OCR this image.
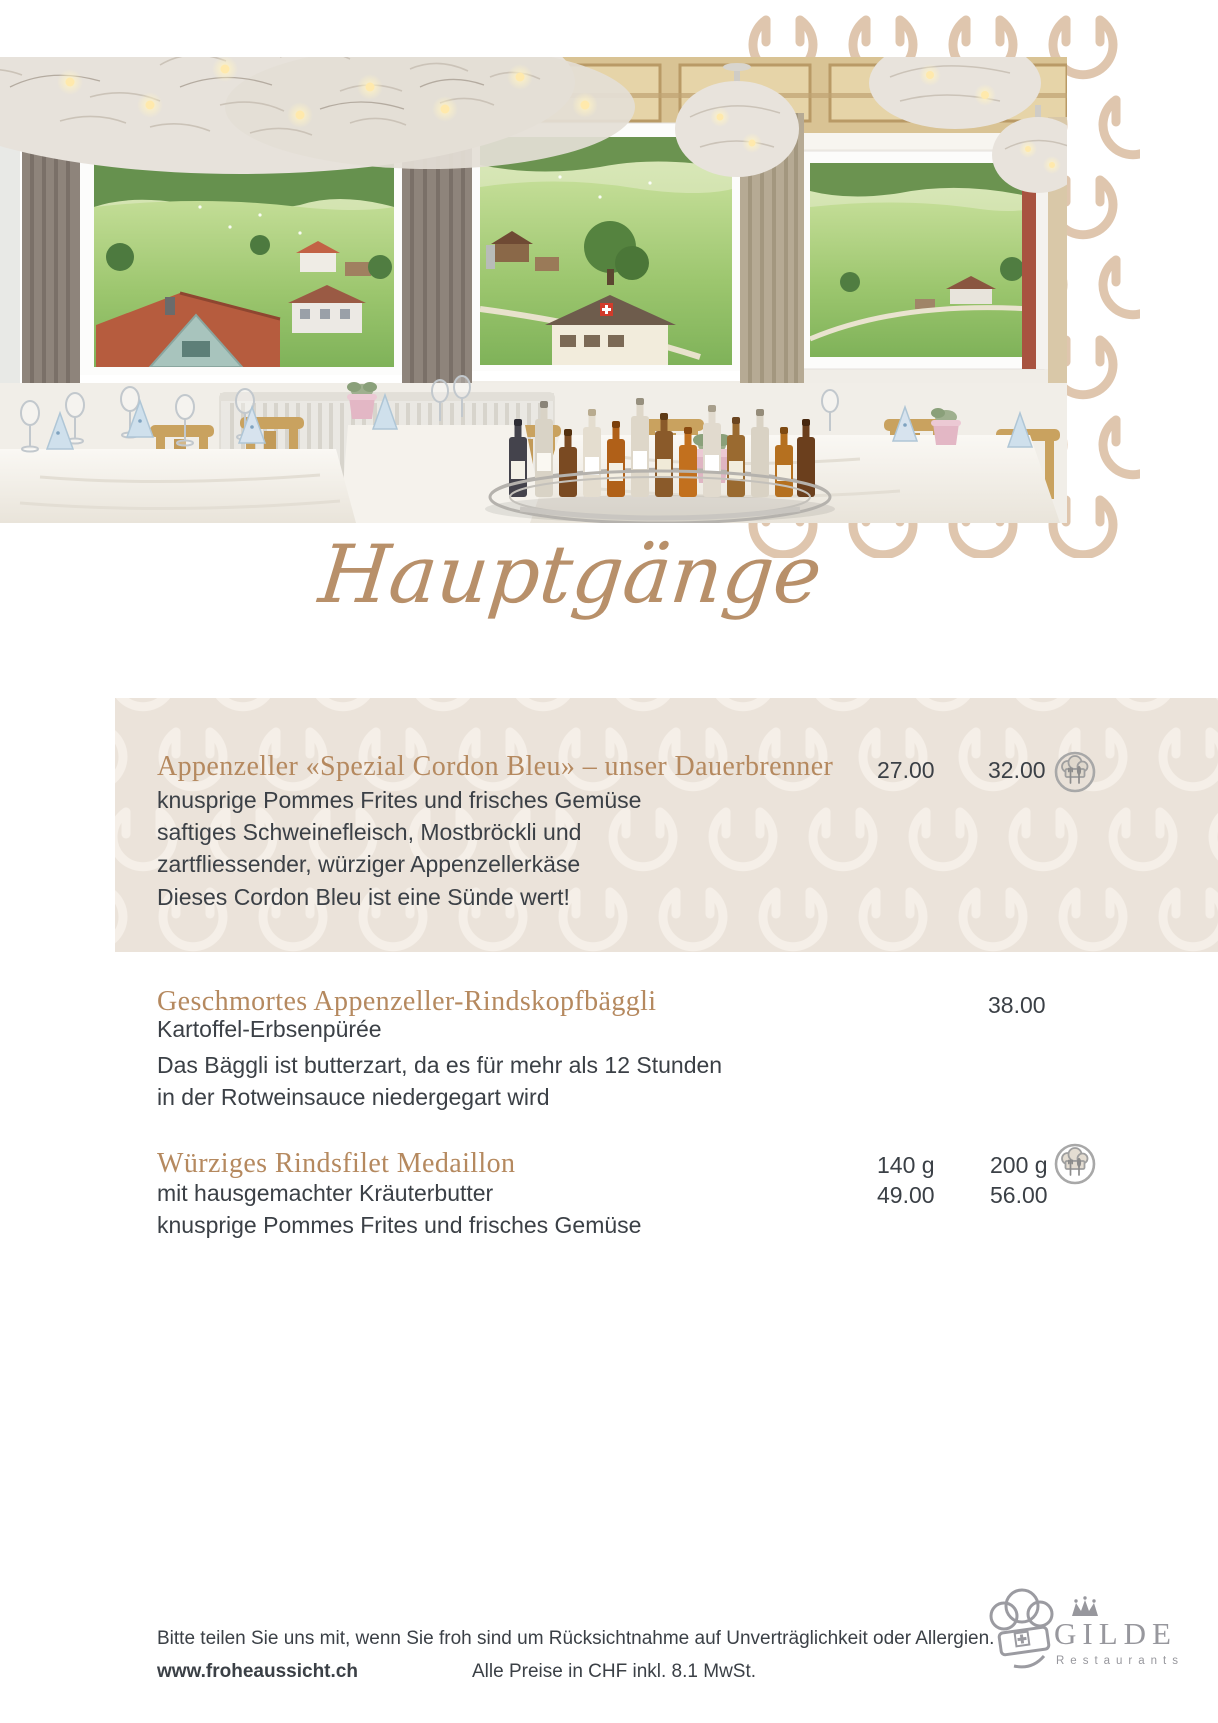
Hauptgänge
Appenzeller «Spezial Cordon Bleu» – unser Dauerbrenner 27.00 32.00
knusprige Pommes Frites und frisches Gemüse
saftiges Schweinefleisch, Mostbröckli und
zartfliessender, würziger Appenzellerkäse
Dieses Cordon Bleu ist eine Sünde wert!
Geschmortes Appenzeller-Rindskopfbäggli	38.00
Kartoffel-Erbsenpürée
Das Bäggli ist butterzart, da es für mehr als 12 Stunden
in der Rotweinsauce niedergegart wird
Würziges Rindsfilet Medaillon	140 g 200 g
mit hausgemachter Kräuterbutter	49.00 56.00
knusprige Pommes Frites und frisches Gemüse
Bitte teilen Sie uns mit, wenn Sie froh sind um Rücksichtnahme auf Unverträglichkeit oder Allergien.
www.froheaussicht.ch	Alle Preise in CHF inkl. 8.1 MwSt.
GILDE
Restaurants
